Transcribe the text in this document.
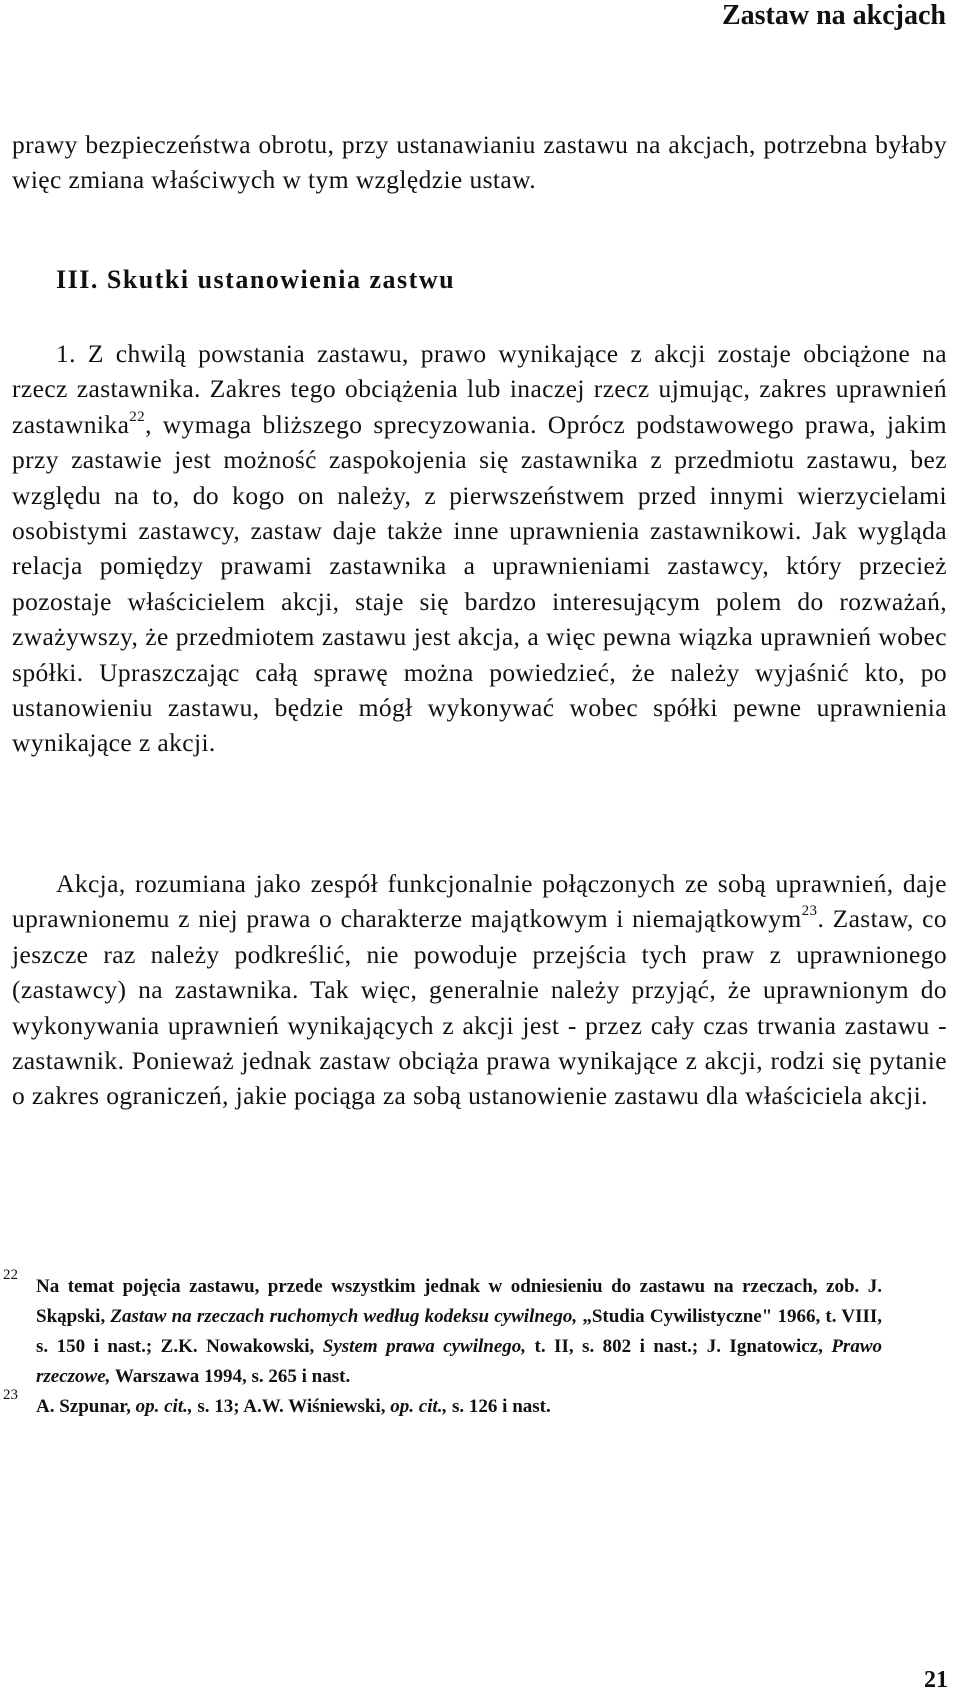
Zastaw na akcjach

prawy bezpieczeństwa obrotu, przy ustanawianiu zastawu na akcjach, potrzebna byłaby więc zmiana właściwych w tym względzie ustaw.

III. Skutki ustanowienia zastwu

1. Z chwilą powstania zastawu, prawo wynikające z akcji zostaje obciążone na rzecz zastawnika. Zakres tego obciążenia lub inaczej rzecz ujmując, zakres uprawnień zastawnika$^{22}$, wymaga bliższego sprecyzowania. Oprócz podstawowego prawa, jakim przy zastawie jest możność zaspokojenia się zastawnika z przedmiotu zastawu, bez względu na to, do kogo on należy, z pierwszeństwem przed innymi wierzycielami osobistymi zastawcy, zastaw daje także inne uprawnienia zastawnikowi. Jak wygląda relacja pomiędzy prawami zastawnika a uprawnieniami zastawcy, który przecież pozostaje właścicielem akcji, staje się bardzo interesującym polem do rozważań, zważywszy, że przedmiotem zastawu jest akcja, a więc pewna wiązka uprawnień wobec spółki. Upraszczając całą sprawę można powiedzieć, że należy wyjaśnić kto, po ustanowieniu zastawu, będzie mógł wykonywać wobec spółki pewne uprawnienia wynikające z akcji.

Akcja, rozumiana jako zespół funkcjonalnie połączonych ze sobą uprawnień, daje uprawnionemu z niej prawa o charakterze majątkowym i niemajątkowym$^{23}$. Zastaw, co jeszcze raz należy podkreślić, nie powoduje przejścia tych praw z uprawnionego (zastawcy) na zastawnika. Tak więc, generalnie należy przyjąć, że uprawnionym do wykonywania uprawnień wynikających z akcji jest - przez cały czas trwania zastawu - zastawnik. Ponieważ jednak zastaw obciąża prawa wynikające z akcji, rodzi się pytanie o zakres ograniczeń, jakie pociąga za sobą ustanowienie zastawu dla właściciela akcji.

22
Na temat pojęcia zastawu, przede wszystkim jednak w odniesieniu do zastawu na rzeczach, zob. J. Skąpski, Zastaw na rzeczach ruchomych według kodeksu cywilnego, „Studia Cywilistyczne" 1966, t. VIII, s. 150 i nast.; Z.K. Nowakowski, System prawa cywilnego, t. II, s. 802 i nast.; J. Ignatowicz, Prawo rzeczowe, Warszawa 1994, s. 265 i nast.
23
A. Szpunar, op. cit., s. 13; A.W. Wiśniewski, op. cit., s. 126 i nast.
21
